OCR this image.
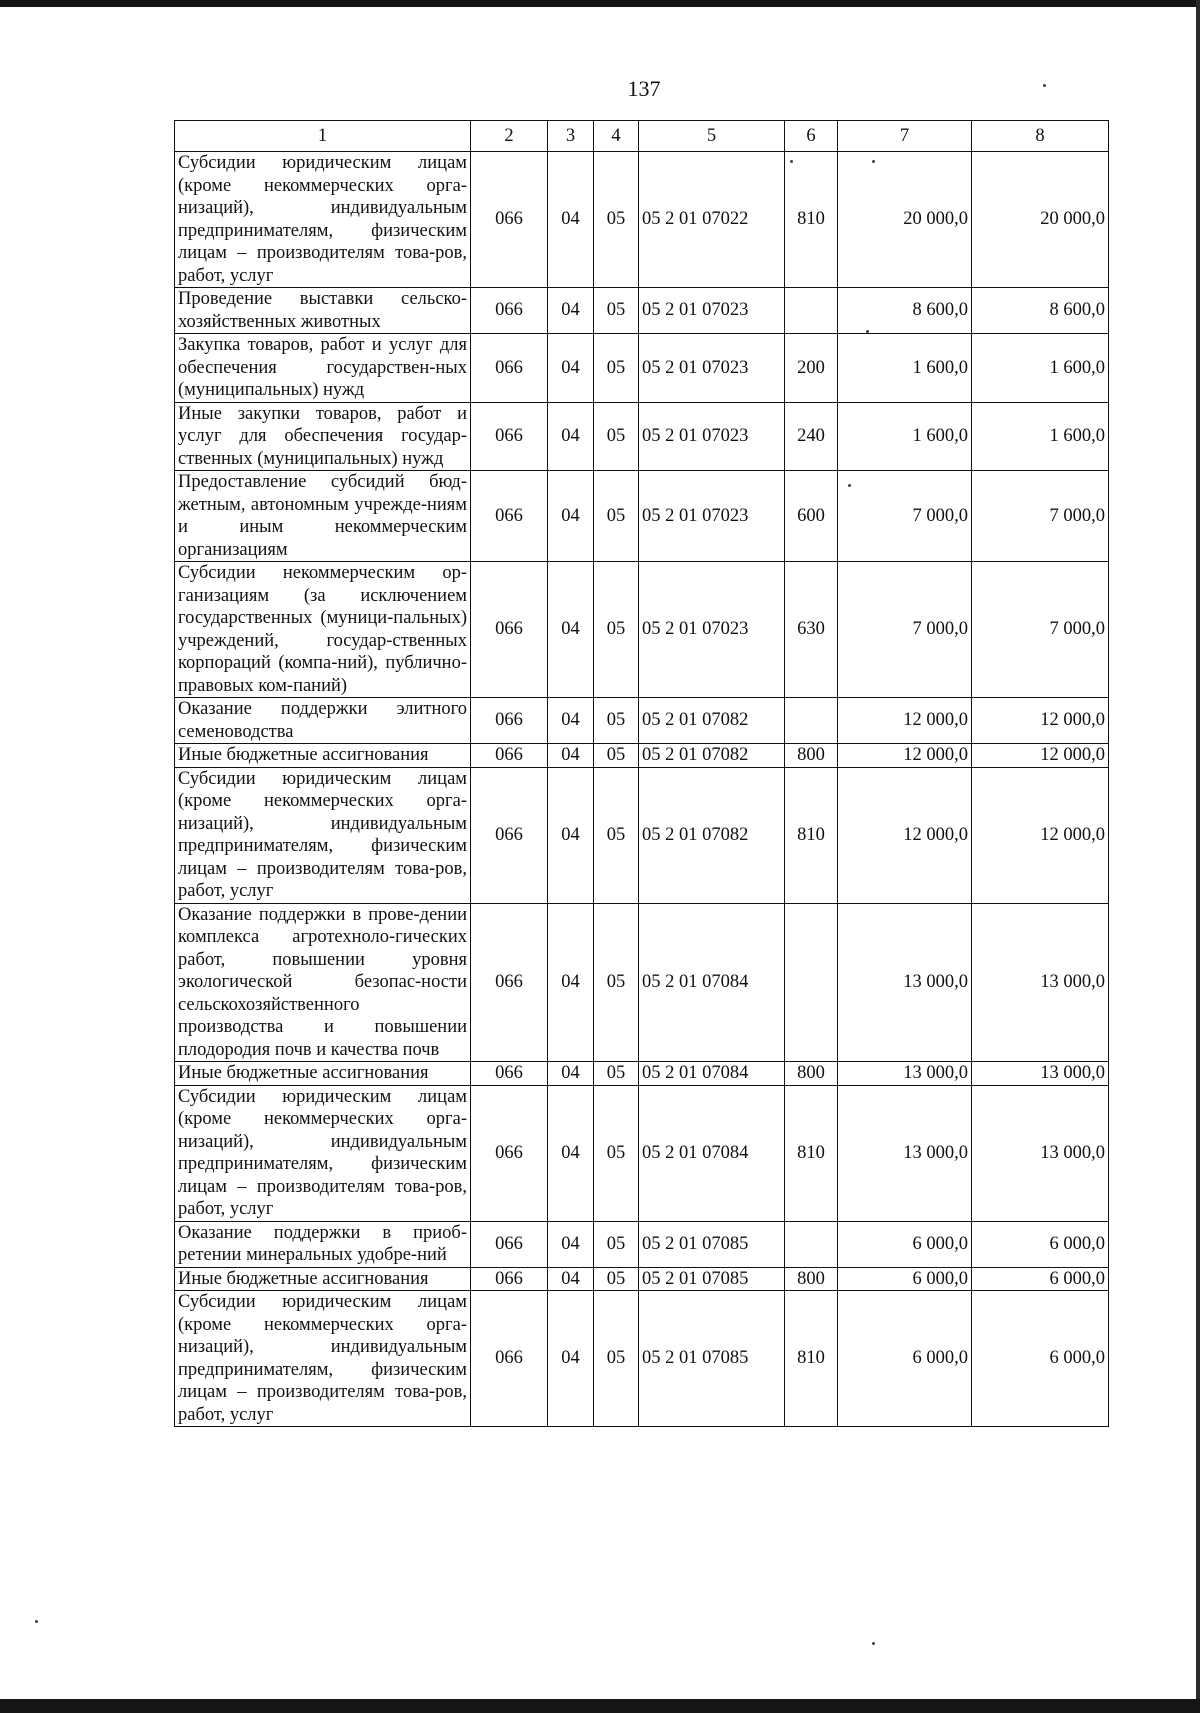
137
1	2	3	4	5	6	7	8
Субсидии юридическим лицам (кроме некоммерческих орга-низаций), индивидуальным предпринимателям, физическим лицам – производителям това-ров, работ, услуг	066	04	05	05 2 01 07022	810	20 000,0	20 000,0
Проведение выставки сельско-хозяйственных животных	066	04	05	05 2 01 07023		8 600,0	8 600,0
Закупка товаров, работ и услуг для обеспечения государствен-ных (муниципальных) нужд	066	04	05	05 2 01 07023	200	1 600,0	1 600,0
Иные закупки товаров, работ и услуг для обеспечения государ-ственных (муниципальных) нужд	066	04	05	05 2 01 07023	240	1 600,0	1 600,0
Предоставление субсидий бюд-жетным, автономным учрежде-ниям и иным некоммерческим организациям	066	04	05	05 2 01 07023	600	7 000,0	7 000,0
Субсидии некоммерческим ор-ганизациям (за исключением государственных (муници-пальных) учреждений, государ-ственных корпораций (компа-ний), публично-правовых ком-паний)	066	04	05	05 2 01 07023	630	7 000,0	7 000,0
Оказание поддержки элитного семеноводства	066	04	05	05 2 01 07082		12 000,0	12 000,0
Иные бюджетные ассигнования	066	04	05	05 2 01 07082	800	12 000,0	12 000,0
Субсидии юридическим лицам (кроме некоммерческих орга-низаций), индивидуальным предпринимателям, физическим лицам – производителям това-ров, работ, услуг	066	04	05	05 2 01 07082	810	12 000,0	12 000,0
Оказание поддержки в прове-дении комплекса агротехноло-гических работ, повышении уровня экологической безопас-ности сельскохозяйственного производства и повышении плодородия почв и качества почв	066	04	05	05 2 01 07084		13 000,0	13 000,0
Иные бюджетные ассигнования	066	04	05	05 2 01 07084	800	13 000,0	13 000,0
Субсидии юридическим лицам (кроме некоммерческих орга-низаций), индивидуальным предпринимателям, физическим лицам – производителям това-ров, работ, услуг	066	04	05	05 2 01 07084	810	13 000,0	13 000,0
Оказание поддержки в приоб-ретении минеральных удобре-ний	066	04	05	05 2 01 07085		6 000,0	6 000,0
Иные бюджетные ассигнования	066	04	05	05 2 01 07085	800	6 000,0	6 000,0
Субсидии юридическим лицам (кроме некоммерческих орга-низаций), индивидуальным предпринимателям, физическим лицам – производителям това-ров, работ, услуг	066	04	05	05 2 01 07085	810	6 000,0	6 000,0
